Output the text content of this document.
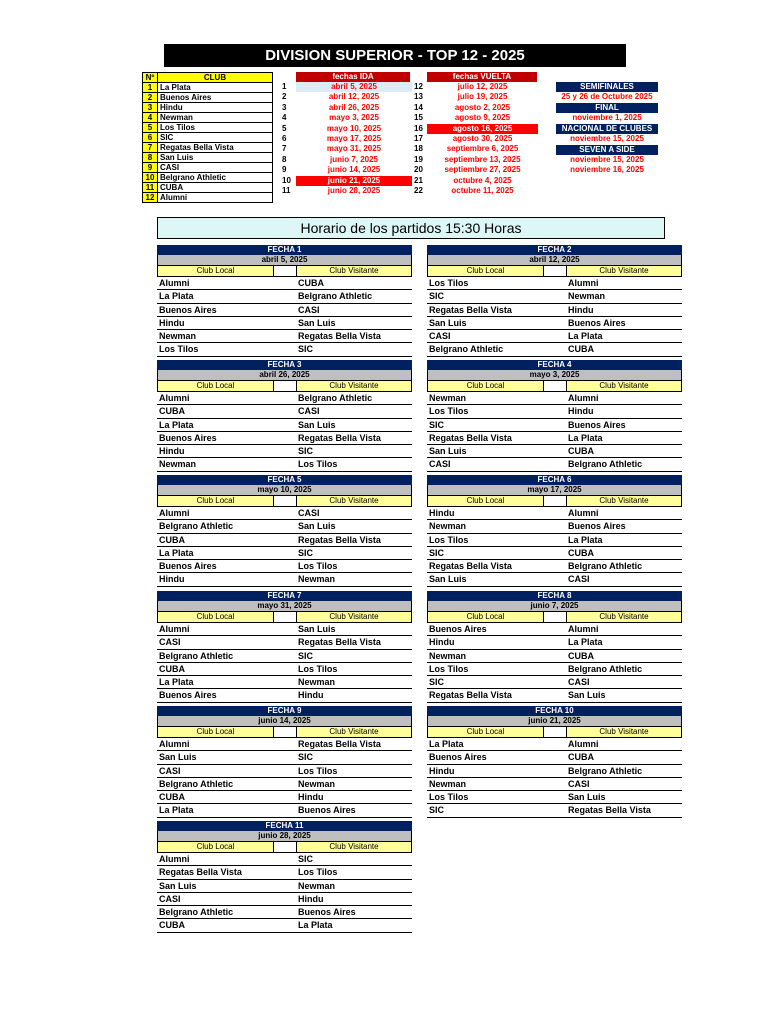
DIVISION SUPERIOR - TOP 12 - 2025
Nº	CLUB
1	La Plata
2	Buenos Aires
3	Hindu
4	Newman
5	Los Tilos
6	SIC
7	Regatas Bella Vista
8	San Luis
9	CASI
10	Belgrano Athletic
11	CUBA
12	Alumni
fechas IDA
1	abril 5, 2025
2	abril 12, 2025
3	abril 26, 2025
4	mayo 3, 2025
5	mayo 10, 2025
6	mayo 17, 2025
7	mayo 31, 2025
8	junio 7, 2025
9	junio 14, 2025
10	junio 21, 2025
11	junio 28, 2025
fechas VUELTA
12	julio 12, 2025
13	julio 19, 2025
14	agosto 2, 2025
15	agosto 9, 2025
16	agosto 16, 2025
17	agosto 30, 2025
18	septiembre 6, 2025
19	septiembre 13, 2025
20	septiembre 27, 2025
21	octubre 4, 2025
22	octubre 11, 2025
SEMIFINALES
25 y 26 de Octubre 2025
FINAL
noviembre 1, 2025
NACIONAL DE CLUBES
noviembre 15, 2025
SEVEN A SIDE
noviembre 15, 2025
noviembre 16, 2025
Horario de los partidos 15:30 Horas
FECHA 1
abril 5, 2025
Club Local	Club Visitante
Alumni	CUBA
La Plata	Belgrano Athletic
Buenos Aires	CASI
Hindu	San Luis
Newman	Regatas Bella Vista
Los Tilos	SIC
FECHA 2
abril 12, 2025
Club Local	Club Visitante
Los Tilos	Alumni
SIC	Newman
Regatas Bella Vista	Hindu
San Luis	Buenos Aires
CASI	La Plata
Belgrano Athletic	CUBA
FECHA 3
abril 26, 2025
Club Local	Club Visitante
Alumni	Belgrano Athletic
CUBA	CASI
La Plata	San Luis
Buenos Aires	Regatas Bella Vista
Hindu	SIC
Newman	Los Tilos
FECHA 4
mayo 3, 2025
Club Local	Club Visitante
Newman	Alumni
Los Tilos	Hindu
SIC	Buenos Aires
Regatas Bella Vista	La Plata
San Luis	CUBA
CASI	Belgrano Athletic
FECHA 5
mayo 10, 2025
Club Local	Club Visitante
Alumni	CASI
Belgrano Athletic	San Luis
CUBA	Regatas Bella Vista
La Plata	SIC
Buenos Aires	Los Tilos
Hindu	Newman
FECHA 6
mayo 17, 2025
Club Local	Club Visitante
Hindu	Alumni
Newman	Buenos Aires
Los Tilos	La Plata
SIC	CUBA
Regatas Bella Vista	Belgrano Athletic
San Luis	CASI
FECHA 7
mayo 31, 2025
Club Local	Club Visitante
Alumni	San Luis
CASI	Regatas Bella Vista
Belgrano Athletic	SIC
CUBA	Los Tilos
La Plata	Newman
Buenos Aires	Hindu
FECHA 8
junio 7, 2025
Club Local	Club Visitante
Buenos Aires	Alumni
Hindu	La Plata
Newman	CUBA
Los Tilos	Belgrano Athletic
SIC	CASI
Regatas Bella Vista	San Luis
FECHA 9
junio 14, 2025
Club Local	Club Visitante
Alumni	Regatas Bella Vista
San Luis	SIC
CASI	Los Tilos
Belgrano Athletic	Newman
CUBA	Hindu
La Plata	Buenos Aires
FECHA 10
junio 21, 2025
Club Local	Club Visitante
La Plata	Alumni
Buenos Aires	CUBA
Hindu	Belgrano Athletic
Newman	CASI
Los Tilos	San Luis
SIC	Regatas Bella Vista
FECHA 11
junio 28, 2025
Club Local	Club Visitante
Alumni	SIC
Regatas Bella Vista	Los Tilos
San Luis	Newman
CASI	Hindu
Belgrano Athletic	Buenos Aires
CUBA	La Plata
